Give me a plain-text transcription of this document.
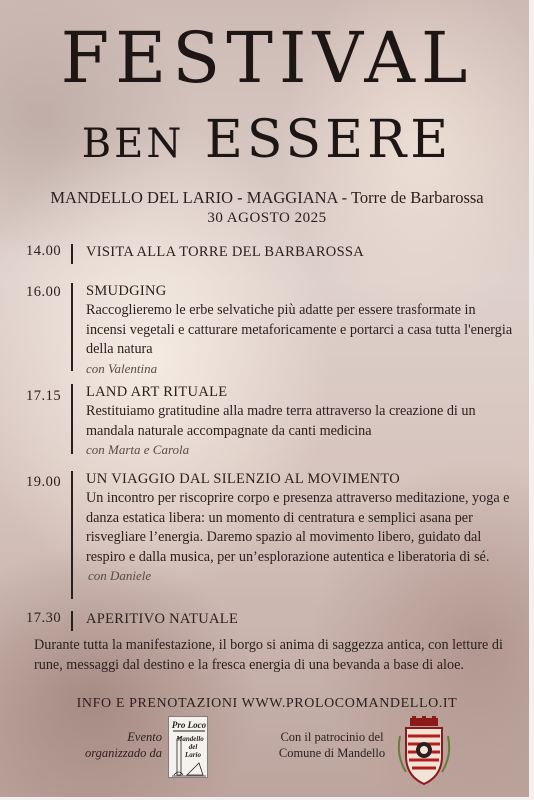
FESTIVAL
BEN ESSERE
MANDELLO DEL LARIO - MAGGIANA - Torre de Barbarossa
30 AGOSTO 2025
14.00 VISITA ALLA TORRE DEL BARBAROSSA
16.00 SMUDGING
Raccoglieremo le erbe selvatiche più adatte per essere trasformate in incensi vegetali e catturare metaforicamente e portarci a casa tutta l'energia della natura
con Valentina
17.15 LAND ART RITUALE
Restituiamo gratitudine alla madre terra attraverso la creazione di un mandala naturale accompagnate da canti medicina
con Marta e Carola
19.00 UN VIAGGIO DAL SILENZIO AL MOVIMENTO
Un incontro per riscoprire corpo e presenza attraverso meditazione, yoga e danza estatica libera: un momento di centratura e semplici asana per risvegliare l’energia. Daremo spazio al movimento libero, guidato dal respiro e dalla musica, per un’esplorazione autentica e liberatoria di sé.
con Daniele
17.30 APERITIVO NATUALE
Durante tutta la manifestazione, il borgo si anima di saggezza antica, con letture di rune, messaggi dal destino e la fresca energia di una bevanda a base di aloe.
INFO E PRENOTAZIONI WWW.PROLOCOMANDELLO.IT
Evento
organizzado da
Pro Loco
Mandello
del
Lario
Con il patrocinio del
Comune di Mandello
